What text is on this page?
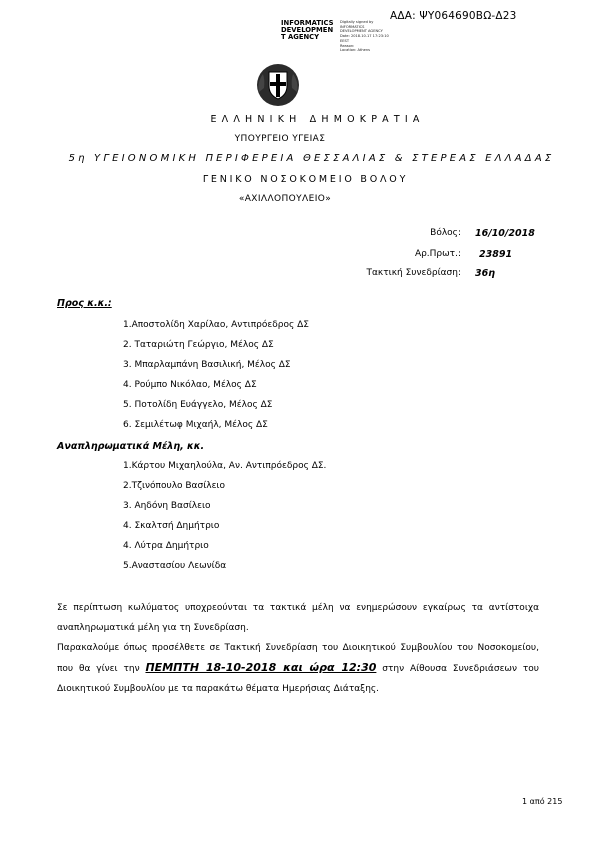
ΑΔΑ: ΨΥ064690ΒΩ-Δ23
INFORMATICS
DEVELOPMEN
T AGENCY
Digitally signed by
INFORMATICS
DEVELOPMENT AGENCY
Date: 2018.10.17 17:23:10
EEST
Reason:
Location: Athens
ΕΛΛΗΝΙΚΗ ΔΗΜΟΚΡΑΤΙΑ
ΥΠΟΥΡΓΕΙΟ ΥΓΕΙΑΣ
5η ΥΓΕΙΟΝΟΜΙΚΗ ΠΕΡΙΦΕΡΕΙΑ ΘΕΣΣΑΛΙΑΣ & ΣΤΕΡΕΑΣ ΕΛΛΑΔΑΣ
ΓΕΝΙΚΟ ΝΟΣΟΚΟΜΕΙΟ ΒΟΛΟΥ
«ΑΧΙΛΛΟΠΟΥΛΕΙΟ»
Βόλος: 16/10/2018
Αρ.Πρωτ.: 23891
Τακτική Συνεδρίαση: 36η
Προς κ.κ.:
1.Αποστολίδη Χαρίλαο, Αντιπρόεδρος ΔΣ
2. Ταταριώτη Γεώργιο, Μέλος ΔΣ
3. Μπαρλαμπάνη Βασιλική, Μέλος ΔΣ
4. Ρούμπο Νικόλαο, Μέλος ΔΣ
5. Ποτολίδη Ευάγγελο, Μέλος ΔΣ
6. Σεμιλέτωφ Μιχαήλ, Μέλος ΔΣ
Αναπληρωματικά Μέλη, κκ.
1.Κάρτου Μιχαηλούλα, Αν. Αντιπρόεδρος ΔΣ.
2.Τζινόπουλο Βασίλειο
3. Αηδόνη Βασίλειο
4. Σκαλτσή Δημήτριο
4. Λύτρα Δημήτριο
5.Αναστασίου Λεωνίδα
Σε περίπτωση κωλύματος υποχρεούνται τα τακτικά μέλη να ενημερώσουν εγκαίρως τα αντίστοιχα αναπληρωματικά μέλη για τη Συνεδρίαση.
Παρακαλούμε όπως προσέλθετε σε Τακτική Συνεδρίαση του Διοικητικού Συμβουλίου του Νοσοκομείου, που θα γίνει την ΠΕΜΠΤΗ 18-10-2018 και ώρα 12:30 στην Αίθουσα Συνεδριάσεων του Διοικητικού Συμβουλίου με τα παρακάτω θέματα Ημερήσιας Διάταξης.
1 από 215
